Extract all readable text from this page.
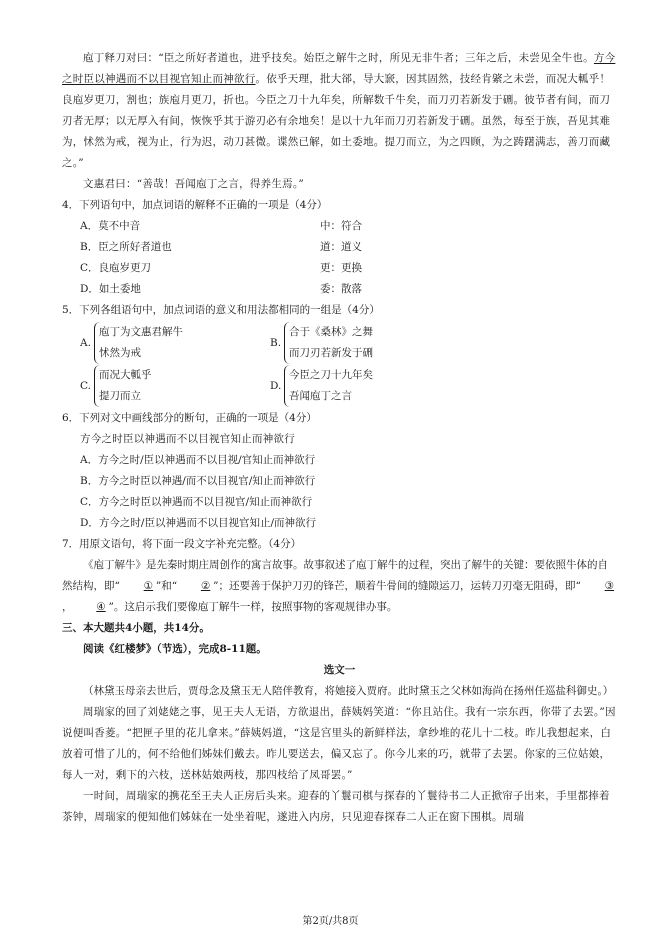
庖丁释刀对曰：“臣之所好者道也，进乎技矣。始臣之解牛之时，所见无非牛者；三年之后，未尝见全牛也。方今之时臣以神遇而不以目视官知止而神欲行。依乎天理，批大郤，导大窾，因其固然，技经肯綮之未尝，而况大軱乎！良庖岁更刀，割也；族庖月更刀，折也。今臣之刀十九年矣，所解数千牛矣，而刀刃若新发于硎。彼节者有间，而刀刃者无厚；以无厚入有间，恢恢乎其于游刃必有余地矣！是以十九年而刀刃若新发于硎。虽然，每至于族，吾见其难为，怵然为戒，视为止，行为迟，动刀甚微。谍然已解，如土委地。提刀而立，为之四顾，为之踌躇满志，善刀而藏之。”

文惠君曰：“善哉！吾闻庖丁之言，得养生焉。”

4．下列语句中，加点词语的解释不正确的一项是（4分）

A．莫不中音	中：符合
B．臣之所好者道也	道：道义
C．良庖岁更刀	更：更换
D．如土委地	委：散落

5．下列各组语句中，加点词语的意义和用法都相同的一组是（4分）

A.
庖丁为文惠君解牛
怵然为戒
B.
合于《桑林》之舞
而刀刃若新发于硎
C.
而况大軱乎
提刀而立
D.
今臣之刀十九年矣
吾闻庖丁之言

6．下列对文中画线部分的断句，正确的一项是（4分）

方今之时臣以神遇而不以目视官知止而神欲行

A．方今之时/臣以神遇而不以目视/官知止而神欲行

B．方今之时臣以神遇/而不以目视官/知止而神欲行

C．方今之时臣以神遇而不以目视官/知止而神欲行

D．方今之时/臣以神遇而不以目视官知止/而神欲行

7．用原文语句，将下面一段文字补充完整。（4分）

《庖丁解牛》是先秦时期庄周创作的寓言故事。故事叙述了庖丁解牛的过程，突出了解牛的关键：要依照牛体的自然结构，即“ ① ”和“ ② ”；还要善于保护刀刃的锋芒，顺着牛骨间的缝隙运刀，运转刀刃毫无阻碍，即“ ③， ④ ”。这启示我们要像庖丁解牛一样，按照事物的客观规律办事。

三、本大题共4小题，共14分。

阅读《红楼梦》（节选），完成8-11题。

选文一

（林黛玉母亲去世后，贾母念及黛玉无人陪伴教育，将她接入贾府。此时黛玉之父林如海尚在扬州任巡盐科御史。）

周瑞家的回了刘姥姥之事，见王夫人无语，方欲退出，薛姨妈笑道：“你且站住。我有一宗东西，你带了去罢。”因说便叫香菱。“把匣子里的花儿拿来。”薛姨妈道，“这是宫里头的新鲜样法，拿纱堆的花儿十二枝。昨儿我想起来，白放着可惜了儿的，何不给他们姊妹们戴去。昨儿要送去，偏又忘了。你今儿来的巧，就带了去罢。你家的三位姑娘，每人一对，剩下的六枝，送林姑娘两枝，那四枝给了凤哥罢。”

一时间，周瑞家的携花至王夫人正房后头来。迎春的丫鬟司棋与探春的丫鬟待书二人正掀帘子出来，手里都捧着茶钟，周瑞家的便知他们姊妹在一处坐着呢，遂进入内房，只见迎春探春二人正在窗下围棋。周瑞

第2页/共8页
